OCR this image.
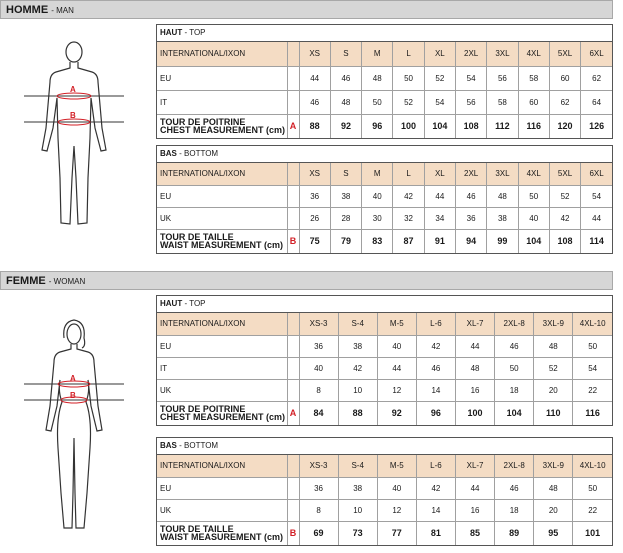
HOMME - MAN
A
B
HAUT - TOP
INTERNATIONAL/IXON		XS	S	M	L	XL	2XL	3XL	4XL	5XL	6XL
EU		44	46	48	50	52	54	56	58	60	62
IT		46	48	50	52	54	56	58	60	62	64
TOUR DE POITRINE
CHEST MEASUREMENT (cm)	A	88	92	96	100	104	108	112	116	120	126
BAS - BOTTOM
INTERNATIONAL/IXON		XS	S	M	L	XL	2XL	3XL	4XL	5XL	6XL
EU		36	38	40	42	44	46	48	50	52	54
UK		26	28	30	32	34	36	38	40	42	44
TOUR DE TAILLE
WAIST MEASUREMENT (cm)	B	75	79	83	87	91	94	99	104	108	114
FEMME - WOMAN
A
B
HAUT - TOP
INTERNATIONAL/IXON		XS-3	S-4	M-5	L-6	XL-7	2XL-8	3XL-9	4XL-10
EU		36	38	40	42	44	46	48	50
IT		40	42	44	46	48	50	52	54
UK		8	10	12	14	16	18	20	22
TOUR DE POITRINE
CHEST MEASUREMENT (cm)	A	84	88	92	96	100	104	110	116
BAS - BOTTOM
INTERNATIONAL/IXON		XS-3	S-4	M-5	L-6	XL-7	2XL-8	3XL-9	4XL-10
EU		36	38	40	42	44	46	48	50
UK		8	10	12	14	16	18	20	22
TOUR DE TAILLE
WAIST MEASUREMENT (cm)	B	69	73	77	81	85	89	95	101
